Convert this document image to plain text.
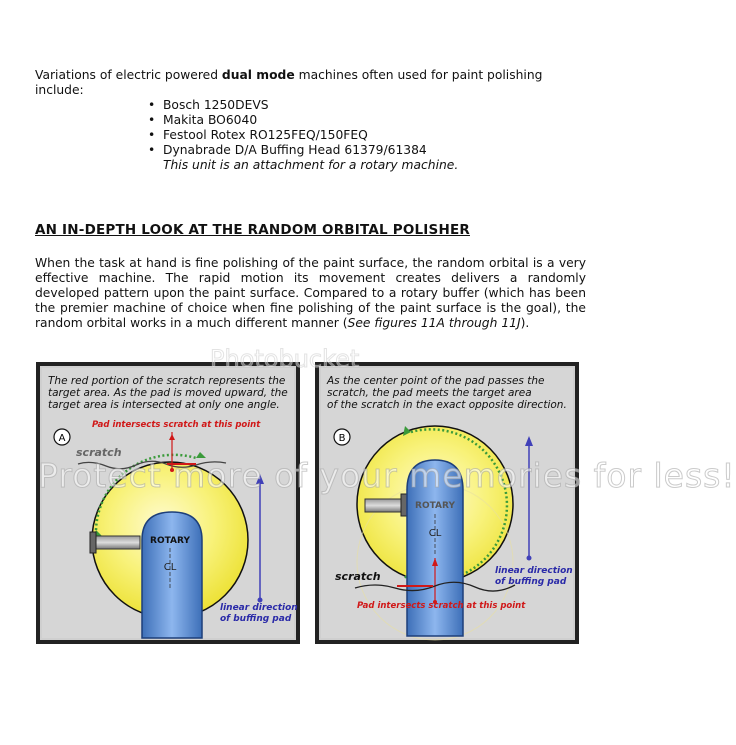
Variations of electric powered dual mode machines often used for paint polishing include:

• Bosch 1250DEVS
• Makita BO6040
• Festool Rotex RO125FEQ/150FEQ
• Dynabrade D/A Buffing Head 61379/61384
This unit is an attachment for a rotary machine.
AN IN-DEPTH LOOK AT THE RANDOM ORBITAL POLISHER

When the task at hand is fine polishing of the paint surface, the random orbital is a very effective machine. The rapid motion its movement creates delivers a randomly developed pattern upon the paint surface. Compared to a rotary buffer (which has been the premier machine of choice when fine polishing of the paint surface is the goal), the random orbital works in a much different manner (See figures 11A through 11J).

The red portion of the scratch represents the
target area. As the pad is moved upward, the
target area is intersected at only one angle.
scratch
Pad intersects scratch at this point
A
ROTARY
CL
linear direction
of buffing pad
As the center point of the pad passes the
scratch, the pad meets the target area
of the scratch in the exact opposite direction.
B
ROTARY
CL
scratch
Pad intersects scratch at this point
linear direction
of buffing pad
Photobucket
Protect more of your memories for less!
